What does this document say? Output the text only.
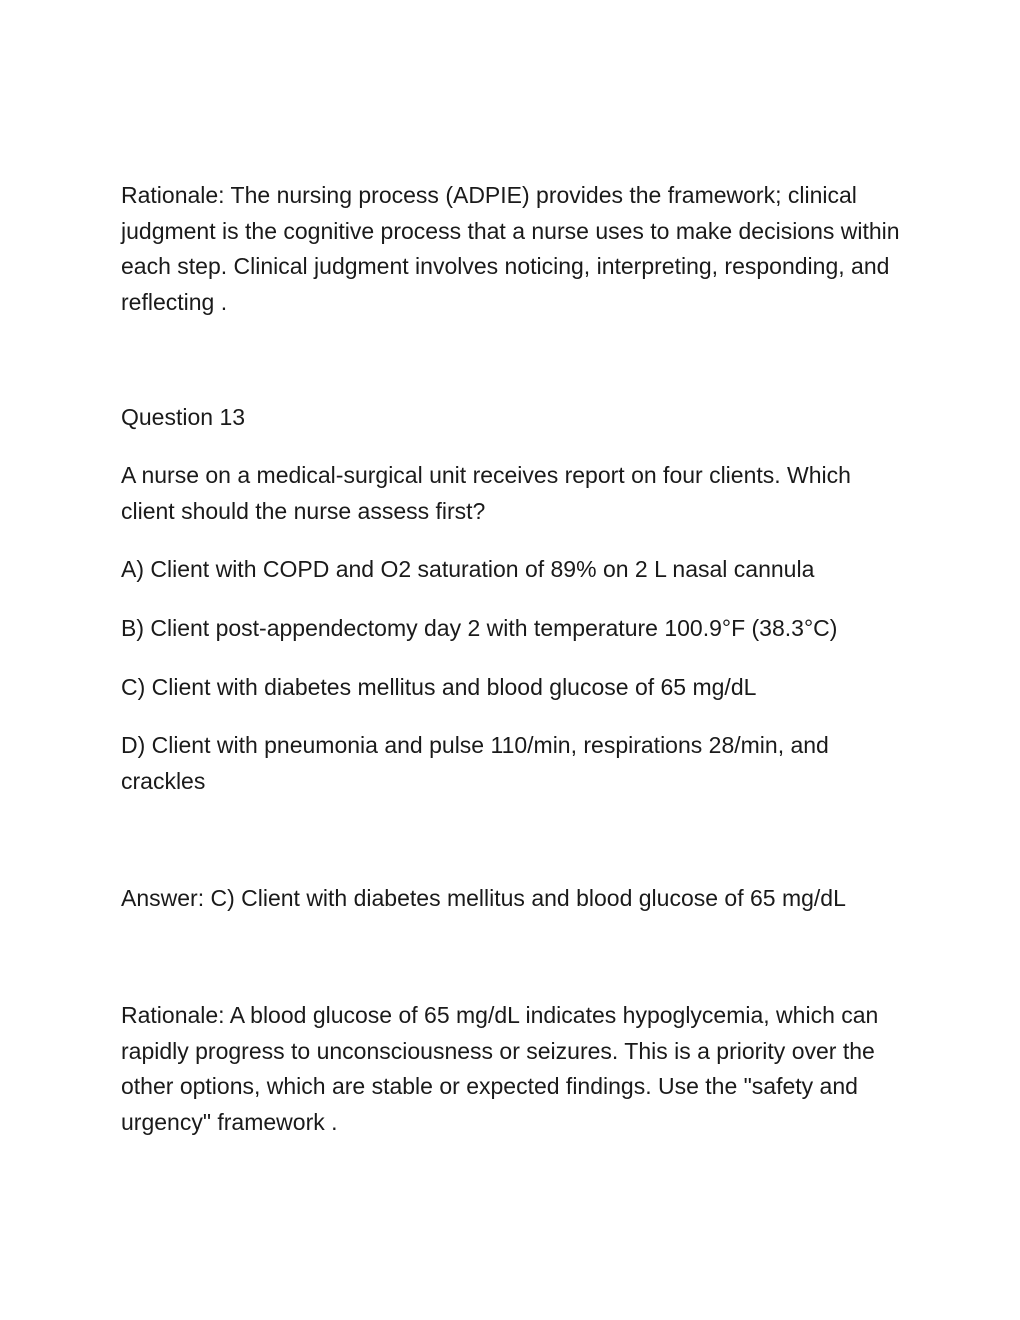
Rationale: The nursing process (ADPIE) provides the framework; clinical judgment is the cognitive process that a nurse uses to make decisions within each step. Clinical judgment involves noticing, interpreting, responding, and reflecting .

Question 13

A nurse on a medical-surgical unit receives report on four clients. Which client should the nurse assess first?

A) Client with COPD and O2 saturation of 89% on 2 L nasal cannula

B) Client post-appendectomy day 2 with temperature 100.9°F (38.3°C)

C) Client with diabetes mellitus and blood glucose of 65 mg/dL

D) Client with pneumonia and pulse 110/min, respirations 28/min, and crackles

Answer: C) Client with diabetes mellitus and blood glucose of 65 mg/dL

Rationale: A blood glucose of 65 mg/dL indicates hypoglycemia, which can rapidly progress to unconsciousness or seizures. This is a priority over the other options, which are stable or expected findings. Use the "safety and urgency" framework .
